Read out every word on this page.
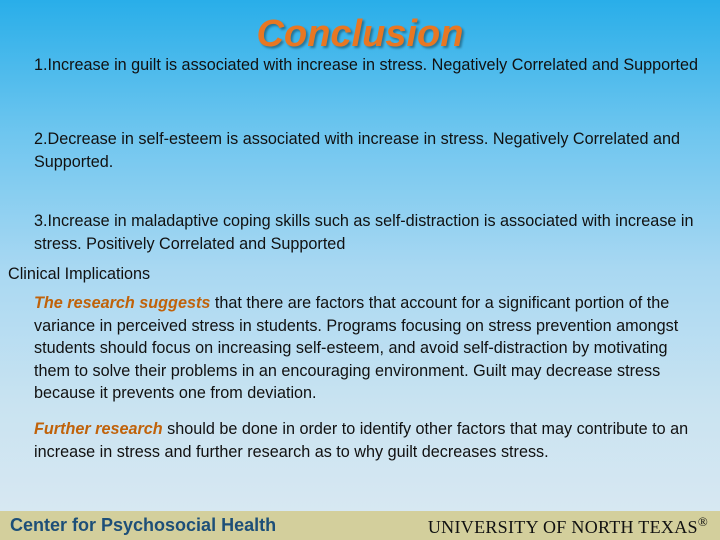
Conclusion
1.Increase in guilt is associated with increase in stress. Negatively Correlated and Supported
2.Decrease in self-esteem is associated with increase in stress. Negatively Correlated and Supported.
3.Increase in maladaptive coping skills such as self-distraction is associated with increase in stress. Positively Correlated and Supported
Clinical Implications
The research suggests that there are factors that account for a significant portion of the variance in perceived stress in students. Programs focusing on stress prevention amongst students should focus on increasing self-esteem, and avoid self-distraction by motivating them to solve their problems in an encouraging environment. Guilt may decrease stress because it prevents one from deviation.
Further research should be done in order to identify other factors that may contribute to an increase in stress and further research as to why guilt decreases stress.
Center for Psychosocial Health	UNIVERSITY OF NORTH TEXAS®
